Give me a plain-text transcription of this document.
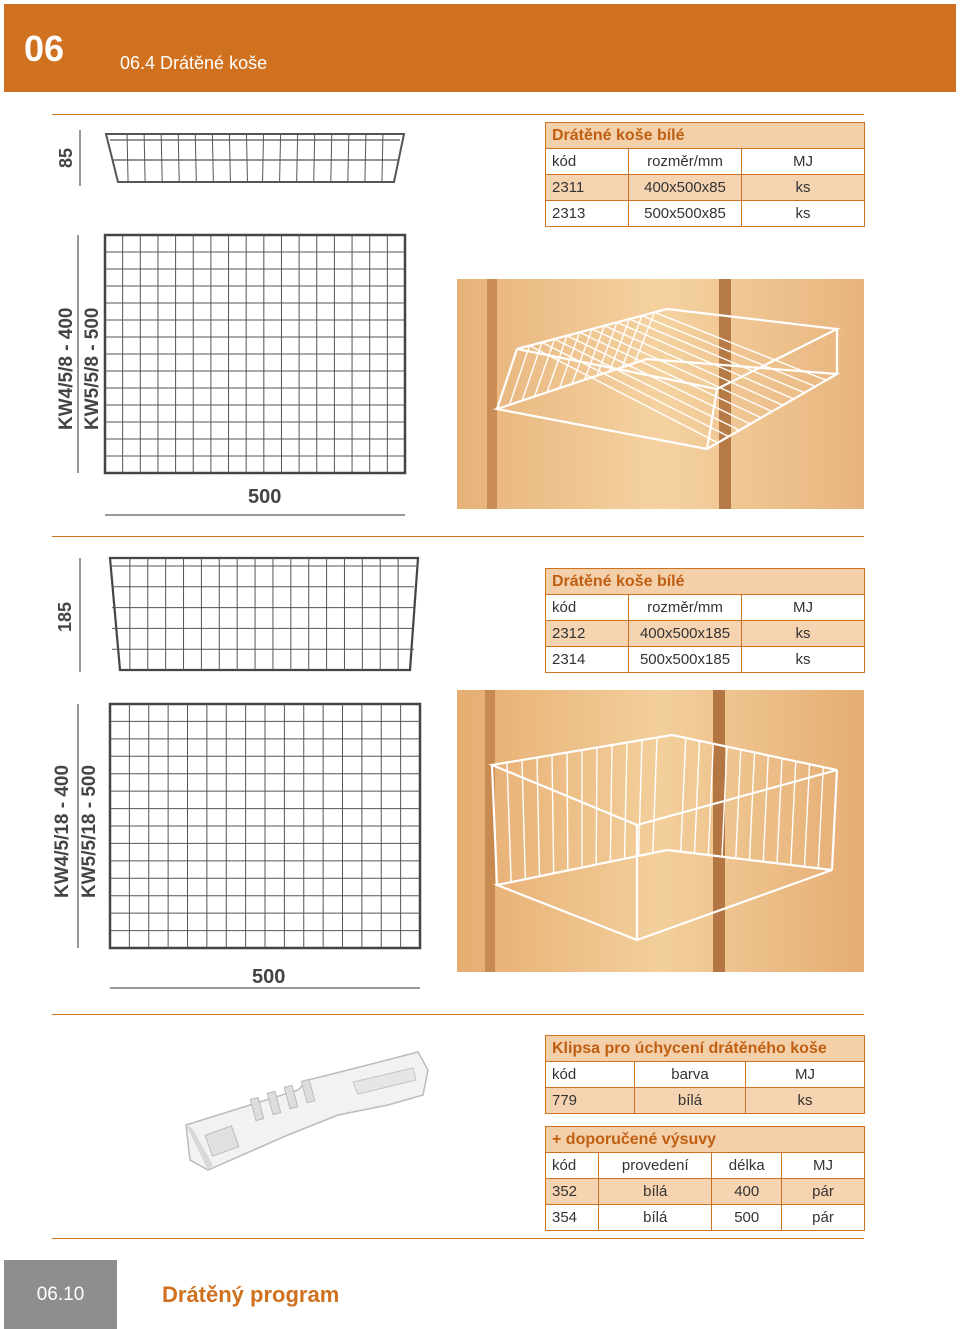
06	06.4 Drátěné koše
85
KW4/5/8 - 400 KW5/5/8 - 500
500
Drátěné koše bílé		
kód	rozměr/mm	MJ
2311	400x500x85	ks
2313	500x500x85	ks
185
KW4/5/18 - 400 KW5/5/18 - 500
500
Drátěné koše bílé		
kód	rozměr/mm	MJ
2312	400x500x185	ks
2314	500x500x185	ks
Klipsa pro úchycení drátěného koše		
kód	barva	MJ
779	bílá	ks
+ doporučené výsuvy			
kód	provedení	délka	MJ
352	bílá	400	pár
354	bílá	500	pár
06.10	Drátěný program
